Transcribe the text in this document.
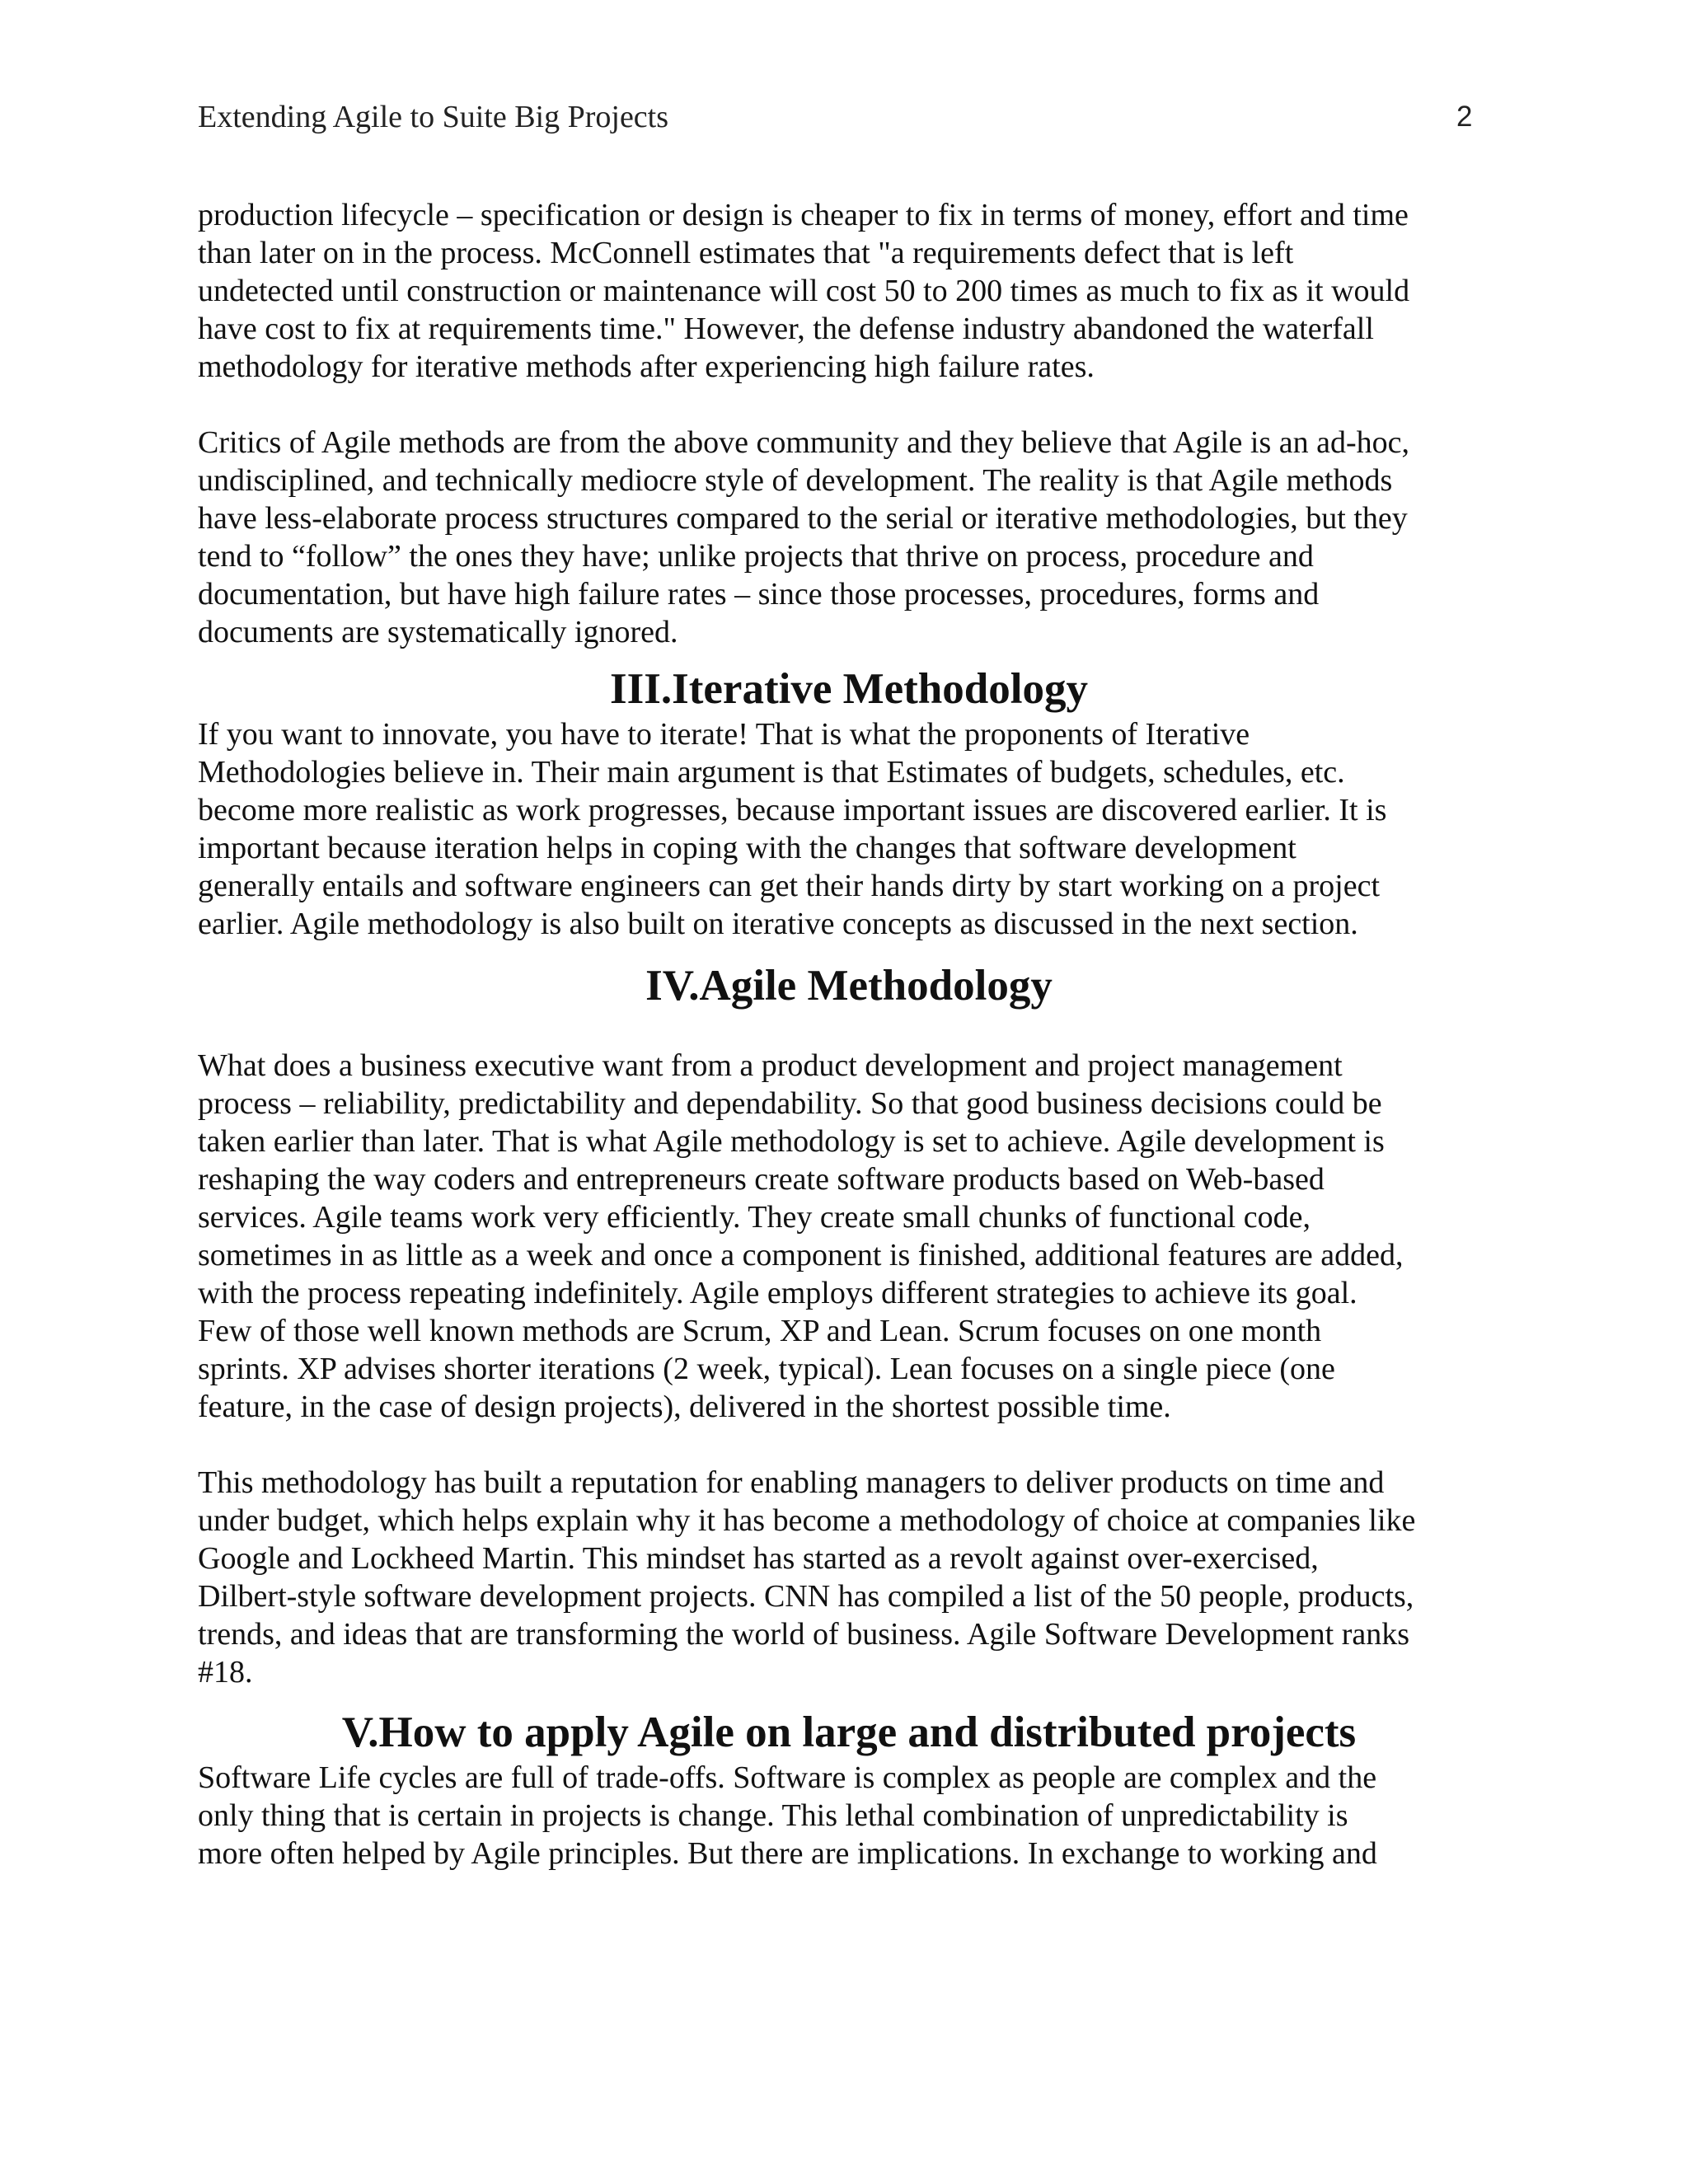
Extending Agile to Suite Big Projects	2

production lifecycle – specification or design is cheaper to fix in terms of money, effort and time
than later on in the process. McConnell estimates that "a requirements defect that is left
undetected until construction or maintenance will cost 50 to 200 times as much to fix as it would
have cost to fix at requirements time." However, the defense industry abandoned the waterfall
methodology for iterative methods after experiencing high failure rates.

Critics of Agile methods are from the above community and they believe that Agile is an ad-hoc,
undisciplined, and technically mediocre style of development. The reality is that Agile methods
have less-elaborate process structures compared to the serial or iterative methodologies, but they
tend to “follow” the ones they have; unlike projects that thrive on process, procedure and
documentation, but have high failure rates – since those processes, procedures, forms and
documents are systematically ignored.

III.Iterative Methodology

If you want to innovate, you have to iterate! That is what the proponents of Iterative
Methodologies believe in. Their main argument is that Estimates of budgets, schedules, etc.
become more realistic as work progresses, because important issues are discovered earlier. It is
important because iteration helps in coping with the changes that software development
generally entails and software engineers can get their hands dirty by start working on a project
earlier. Agile methodology is also built on iterative concepts as discussed in the next section.

IV.Agile Methodology

What does a business executive want from a product development and project management
process – reliability, predictability and dependability. So that good business decisions could be
taken earlier than later. That is what Agile methodology is set to achieve. Agile development is
reshaping the way coders and entrepreneurs create software products based on Web-based
services. Agile teams work very efficiently. They create small chunks of functional code,
sometimes in as little as a week and once a component is finished, additional features are added,
with the process repeating indefinitely. Agile employs different strategies to achieve its goal.
Few of those well known methods are Scrum, XP and Lean. Scrum focuses on one month
sprints. XP advises shorter iterations (2 week, typical). Lean focuses on a single piece (one
feature, in the case of design projects), delivered in the shortest possible time.

This methodology has built a reputation for enabling managers to deliver products on time and
under budget, which helps explain why it has become a methodology of choice at companies like
Google and Lockheed Martin. This mindset has started as a revolt against over-exercised,
Dilbert-style software development projects. CNN has compiled a list of the 50 people, products,
trends, and ideas that are transforming the world of business. Agile Software Development ranks
#18.

V.How to apply Agile on large and distributed projects

Software Life cycles are full of trade-offs. Software is complex as people are complex and the
only thing that is certain in projects is change. This lethal combination of unpredictability is
more often helped by Agile principles. But there are implications. In exchange to working and
